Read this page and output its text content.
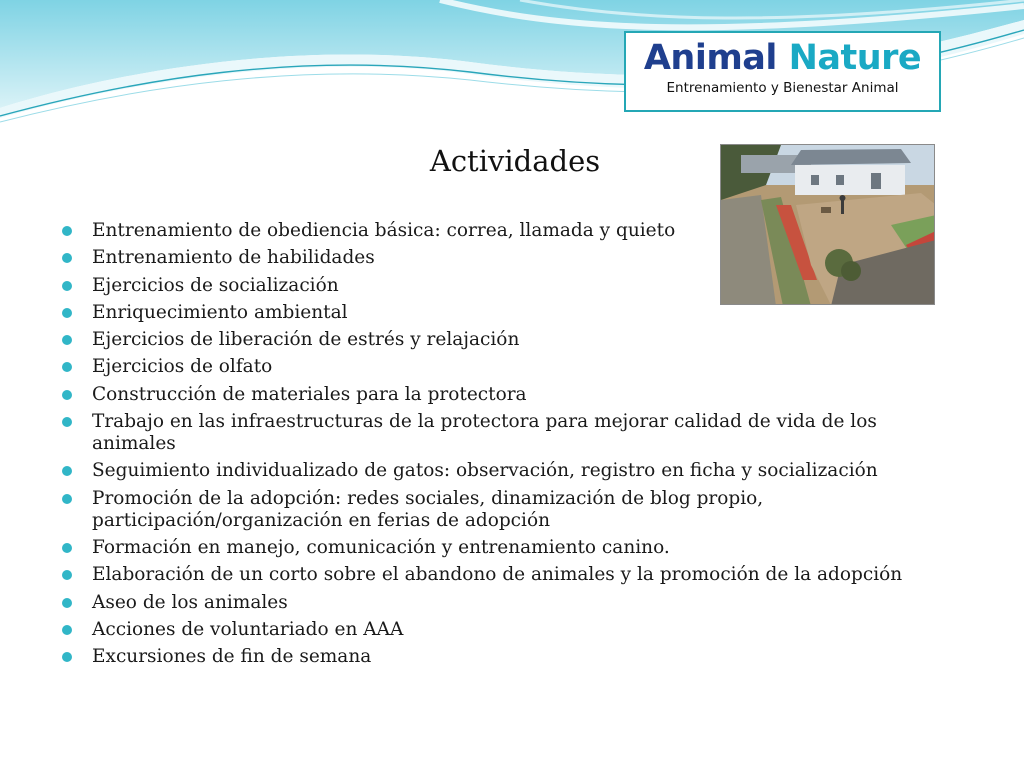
Animal Nature
Entrenamiento y Bienestar Animal
Actividades
Entrenamiento de obediencia básica: correa, llamada y quieto
Entrenamiento de habilidades
Ejercicios de socialización
Enriquecimiento ambiental
Ejercicios de liberación de estrés y relajación
Ejercicios de olfato
Construcción de materiales para la protectora
Trabajo en las infraestructuras de la protectora para mejorar calidad de vida de los animales
Seguimiento individualizado de gatos: observación, registro en ficha y socialización
Promoción de la adopción: redes sociales, dinamización de blog propio, participación/organización en ferias de adopción
Formación en manejo, comunicación y entrenamiento canino.
Elaboración de un corto sobre el abandono de animales y la promoción de la adopción
Aseo de los animales
Acciones de voluntariado en AAA
Excursiones de fin de semana
